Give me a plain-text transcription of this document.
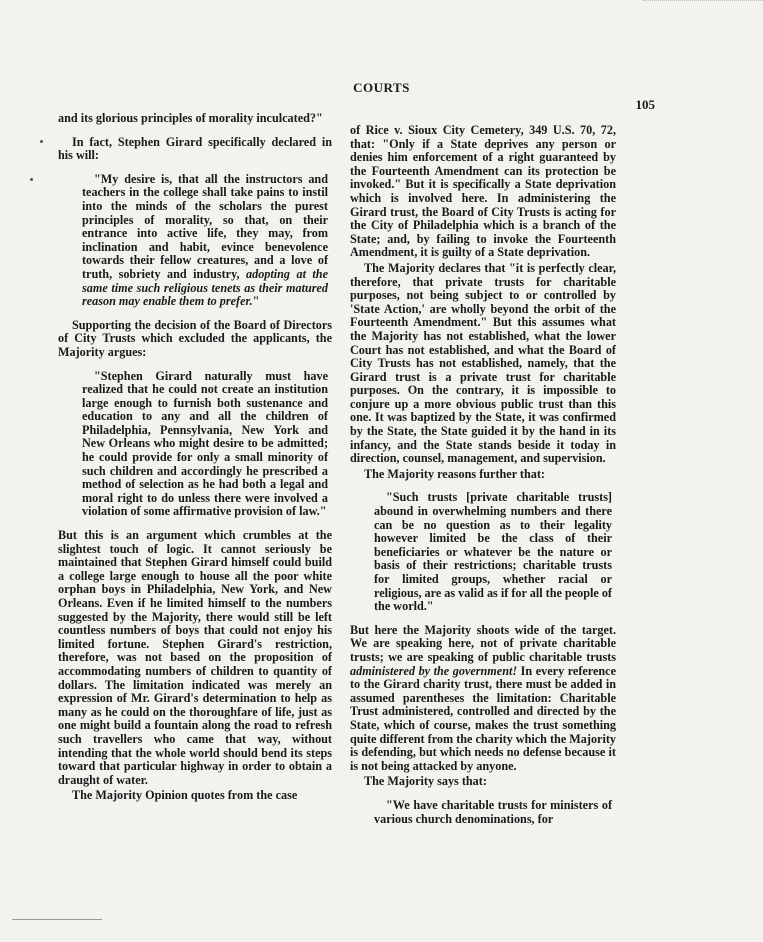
COURTS
105

and its glorious principles of morality inculcated?"

In fact, Stephen Girard specifically declared in his will:

"My desire is, that all the instructors and teachers in the college shall take pains to instil into the minds of the scholars the purest principles of morality, so that, on their entrance into active life, they may, from inclination and habit, evince benevolence towards their fellow creatures, and a love of truth, sobriety and industry, adopting at the same time such religious tenets as their matured reason may enable them to prefer."

Supporting the decision of the Board of Directors of City Trusts which excluded the applicants, the Majority argues:

"Stephen Girard naturally must have realized that he could not create an institution large enough to furnish both sustenance and education to any and all the children of Philadelphia, Pennsylvania, New York and New Orleans who might desire to be admitted; he could provide for only a small minority of such children and accordingly he prescribed a method of selection as he had both a legal and moral right to do unless there were involved a violation of some affirmative provision of law."

But this is an argument which crumbles at the slightest touch of logic. It cannot seriously be maintained that Stephen Girard himself could build a college large enough to house all the poor white orphan boys in Philadelphia, New York, and New Orleans. Even if he limited himself to the numbers suggested by the Majority, there would still be left countless numbers of boys that could not enjoy his limited fortune. Stephen Girard's restriction, therefore, was not based on the proposition of accommodating numbers of children to quantity of dollars. The limitation indicated was merely an expression of Mr. Girard's determination to help as many as he could on the thoroughfare of life, just as one might build a fountain along the road to refresh such travellers who came that way, without intending that the whole world should bend its steps toward that particular highway in order to obtain a draught of water.

The Majority Opinion quotes from the case

of Rice v. Sioux City Cemetery, 349 U.S. 70, 72, that: "Only if a State deprives any person or denies him enforcement of a right guaranteed by the Fourteenth Amendment can its protection be invoked." But it is specifically a State deprivation which is involved here. In administering the Girard trust, the Board of City Trusts is acting for the City of Philadelphia which is a branch of the State; and, by failing to invoke the Fourteenth Amendment, it is guilty of a State deprivation.

The Majority declares that "it is perfectly clear, therefore, that private trusts for charitable purposes, not being subject to or controlled by 'State Action,' are wholly beyond the orbit of the Fourteenth Amendment." But this assumes what the Majority has not established, what the lower Court has not established, and what the Board of City Trusts has not established, namely, that the Girard trust is a private trust for charitable purposes. On the contrary, it is impossible to conjure up a more obvious public trust than this one. It was baptized by the State, it was confirmed by the State, the State guided it by the hand in its infancy, and the State stands beside it today in direction, counsel, management, and supervision.

The Majority reasons further that:

"Such trusts [private charitable trusts] abound in overwhelming numbers and there can be no question as to their legality however limited be the class of their beneficiaries or whatever be the nature or basis of their restrictions; charitable trusts for limited groups, whether racial or religious, are as valid as if for all the people of the world."

But here the Majority shoots wide of the target. We are speaking here, not of private charitable trusts; we are speaking of public charitable trusts administered by the government! In every reference to the Girard charity trust, there must be added in assumed parentheses the limitation: Charitable Trust administered, controlled and directed by the State, which of course, makes the trust something quite different from the charity which the Majority is defending, but which needs no defense because it is not being attacked by anyone.

The Majority says that:

"We have charitable trusts for ministers of various church denominations, for
